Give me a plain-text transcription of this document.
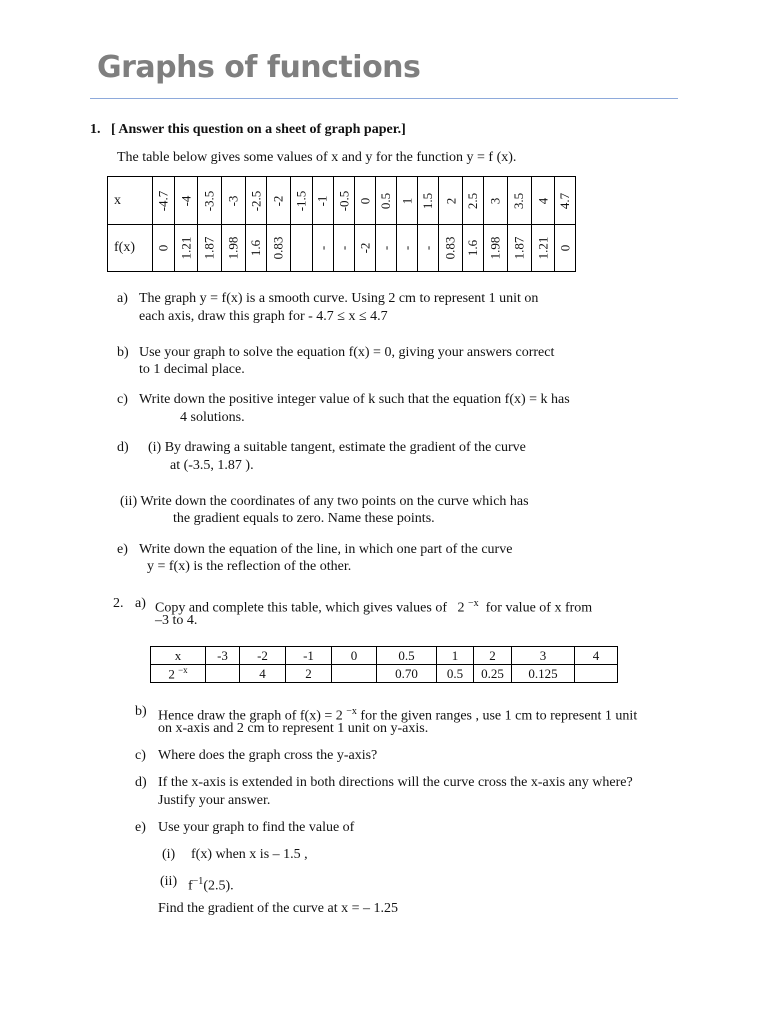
Graphs of functions
1. [ Answer this question on a sheet of graph paper.]
The table below gives some values of x and y for the function y = f (x).
x	-4.7	-4	-3.5	-3	-2.5	-2	-1.5	-1	-0.5	0	0.5	1	1.5	2	2.5	3	3.5	4	4.7
f(x)	0	1.21	1.87	1.98	1.6	0.83		-	-	-2	-	-	-	0.83	1.6	1.98	1.87	1.21	0
a) The graph y = f(x) is a smooth curve. Using 2 cm to represent 1 unit on
each axis, draw this graph for - 4.7 ≤ x ≤ 4.7
b) Use your graph to solve the equation f(x) = 0, giving your answers correct
to 1 decimal place.
c) Write down the positive integer value of k such that the equation f(x) = k has
4 solutions.
d) (i) By drawing a suitable tangent, estimate the gradient of the curve
at (-3.5, 1.87 ).
(ii) Write down the coordinates of any two points on the curve which has
the gradient equals to zero. Name these points.
e) Write down the equation of the line, in which one part of the curve
y = f(x) is the reflection of the other.
2. a) Copy and complete this table, which gives values of 2 $^{-x}$ for value of x from
–3 to 4.
x	-3	-2	-1	0	0.5	1	2	3	4
2 $^{-x}$		4	2		0.70	0.5	0.25	0.125	
b) Hence draw the graph of f(x) = 2 $^{-x}$ for the given ranges , use 1 cm to represent 1 unit
on x-axis and 2 cm to represent 1 unit on y-axis.
c) Where does the graph cross the y-axis?
d) If the x-axis is extended in both directions will the curve cross the x-axis any where?
Justify your answer.
e) Use your graph to find the value of
(i) f(x) when x is – 1.5 ,
(ii) $f^{-1}(2.5)$.
Find the gradient of the curve at x = – 1.25
